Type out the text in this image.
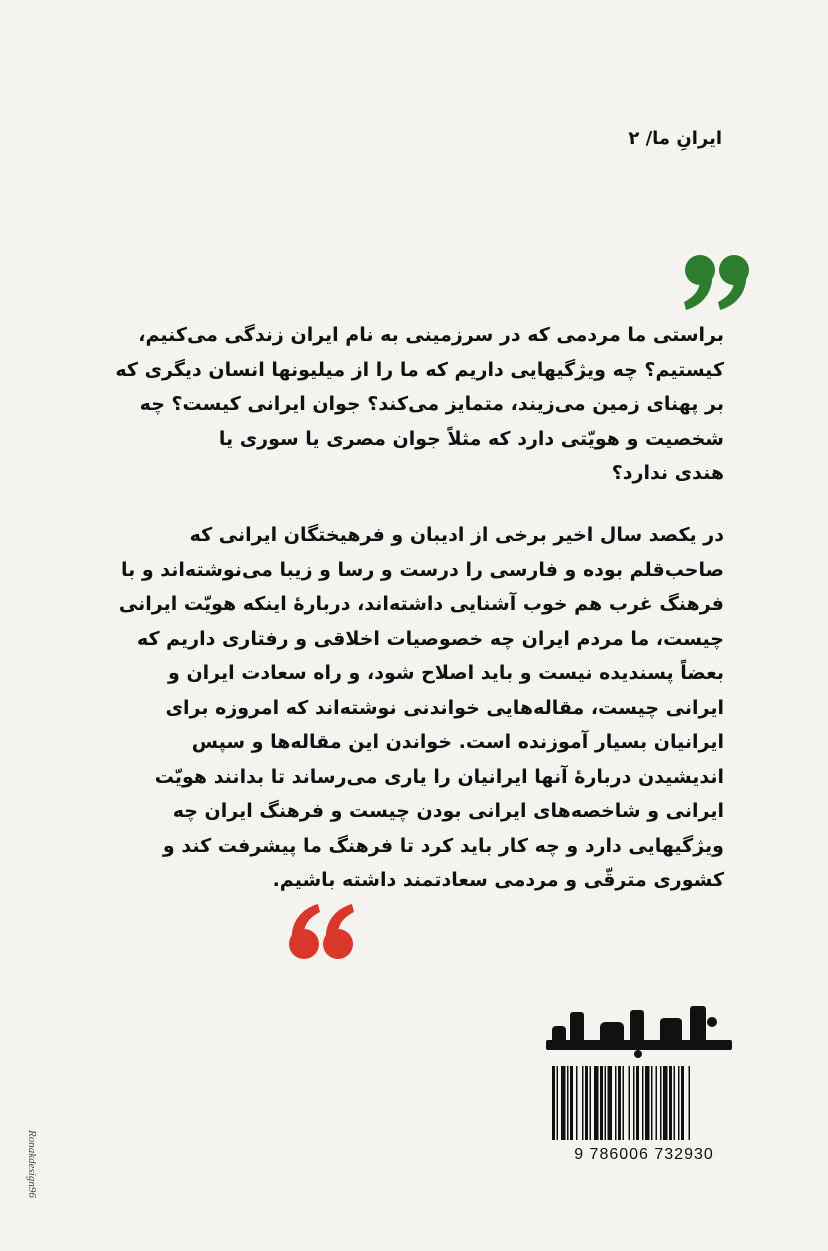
ایرانِ ما/ ۲
براستی ما مردمی که در سرزمینی به نام ایران زندگی می‌کنیم،
کیستیم؟ چه ویژگیهایی داریم که ما را از میلیونها انسان دیگری که
بر پهنای زمین می‌زیند، متمایز می‌کند؟ جوان ایرانی کیست؟ چه
شخصیت و هویّتی دارد که مثلاً جوان مصری یا سوری یا
هندی ندارد؟
در یکصد سال اخیر برخی از ادیبان و فرهیختگان ایرانی که
صاحب‌قلم بوده و فارسی را درست و رسا و زیبا می‌نوشته‌اند و با
فرهنگ غرب هم خوب آشنایی داشته‌اند، دربارهٔ اینکه هویّت ایرانی
چیست، ما مردم ایران چه خصوصیات اخلاقی و رفتاری داریم که
بعضاً پسندیده نیست و باید اصلاح شود، و راه سعادت ایران و
ایرانی چیست، مقاله‌هایی خواندنی نوشته‌اند که امروزه برای
ایرانیان بسیار آموزنده است. خواندن این مقاله‌ها و سپس
اندیشیدن دربارهٔ آنها ایرانیان را یاری می‌رساند تا بدانند هویّت
ایرانی و شاخصه‌های ایرانی بودن چیست و فرهنگ ایران چه
ویژگیهایی دارد و چه کار باید کرد تا فرهنگ ما پیشرفت کند و
کشوری مترقّی و مردمی سعادتمند داشته باشیم.
9 786006 732930
Ronakdesign96
